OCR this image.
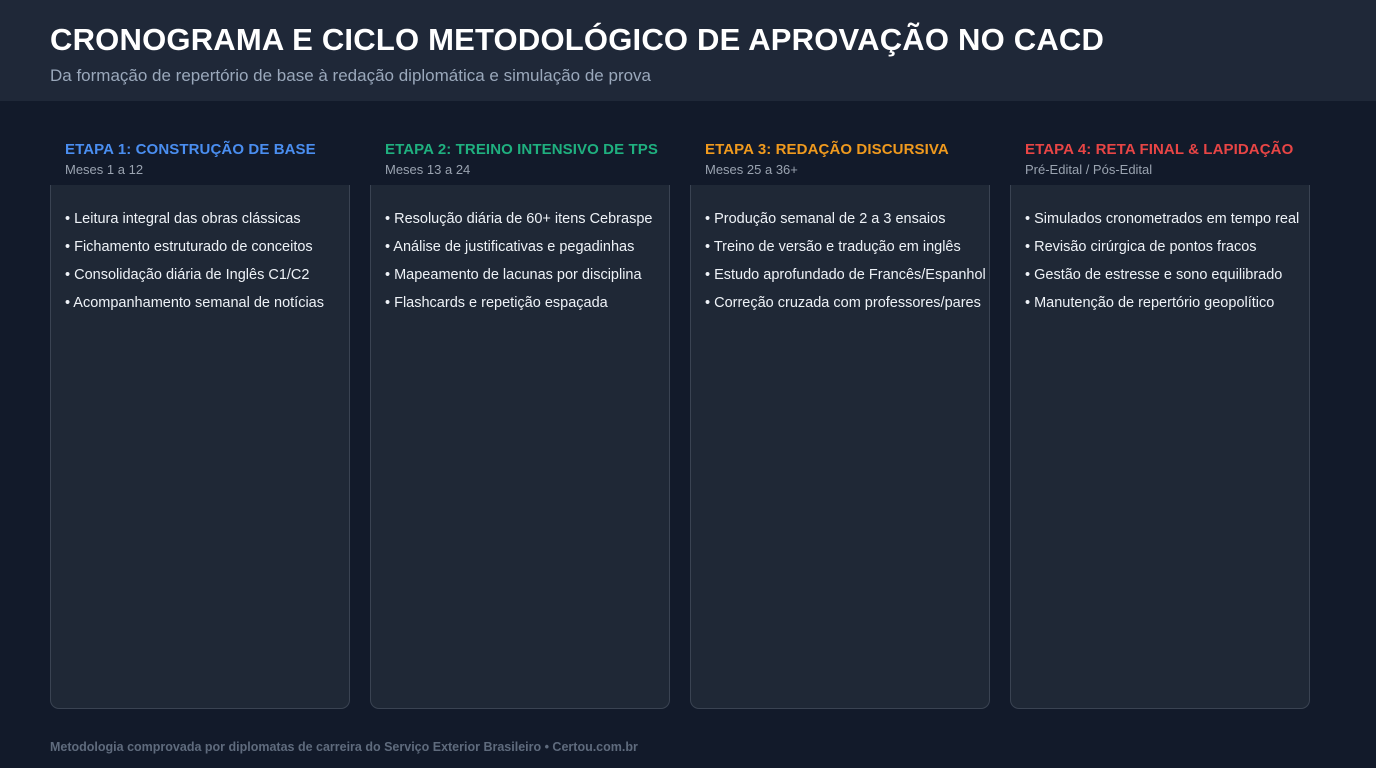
CRONOGRAMA E CICLO METODOLÓGICO DE APROVAÇÃO NO CACD
Da formação de repertório de base à redação diplomática e simulação de prova
ETAPA 1: CONSTRUÇÃO DE BASE
Meses 1 a 12
• Leitura integral das obras clássicas
• Fichamento estruturado de conceitos
• Consolidação diária de Inglês C1/C2
• Acompanhamento semanal de notícias
ETAPA 2: TREINO INTENSIVO DE TPS
Meses 13 a 24
• Resolução diária de 60+ itens Cebraspe
• Análise de justificativas e pegadinhas
• Mapeamento de lacunas por disciplina
• Flashcards e repetição espaçada
ETAPA 3: REDAÇÃO DISCURSIVA
Meses 25 a 36+
• Produção semanal de 2 a 3 ensaios
• Treino de versão e tradução em inglês
• Estudo aprofundado de Francês/Espanhol
• Correção cruzada com professores/pares
ETAPA 4: RETA FINAL & LAPIDAÇÃO
Pré-Edital / Pós-Edital
• Simulados cronometrados em tempo real
• Revisão cirúrgica de pontos fracos
• Gestão de estresse e sono equilibrado
• Manutenção de repertório geopolítico
Metodologia comprovada por diplomatas de carreira do Serviço Exterior Brasileiro • Certou.com.br
